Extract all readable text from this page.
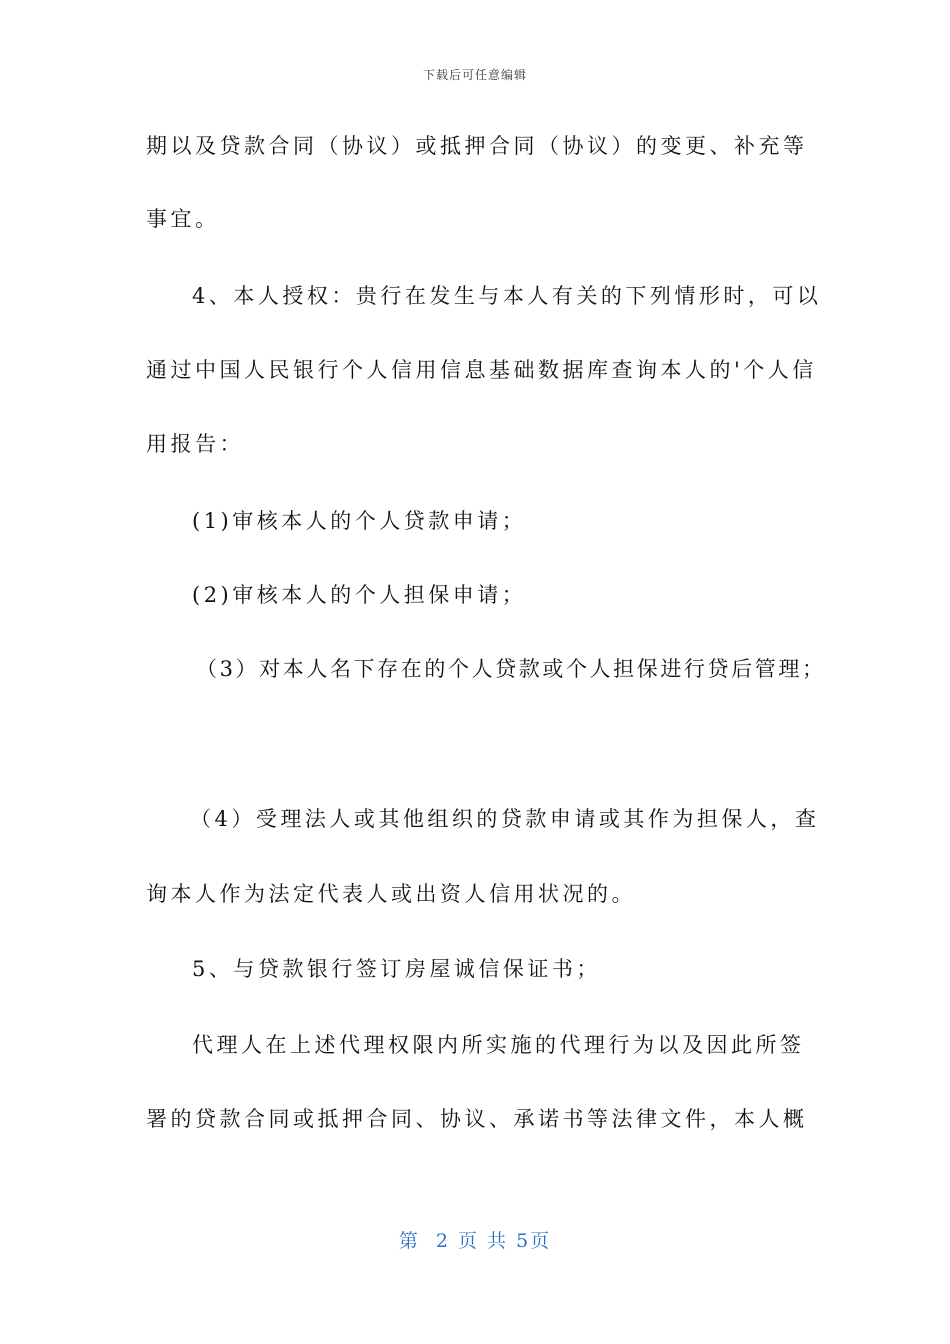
下载后可任意编辑
期以及贷款合同（协议）或抵押合同（协议）的变更、补充等
事宜。
4、本人授权：贵行在发生与本人有关的下列情形时，可以
通过中国人民银行个人信用信息基础数据库查询本人的'个人信
用报告：
(1)审核本人的个人贷款申请；
(2)审核本人的个人担保申请；
（3）对本人名下存在的个人贷款或个人担保进行贷后管理；
（4）受理法人或其他组织的贷款申请或其作为担保人，查
询本人作为法定代表人或出资人信用状况的。
5、与贷款银行签订房屋诚信保证书；
代理人在上述代理权限内所实施的代理行为以及因此所签
署的贷款合同或抵押合同、协议、承诺书等法律文件，本人概
第  2 页 共 5页
